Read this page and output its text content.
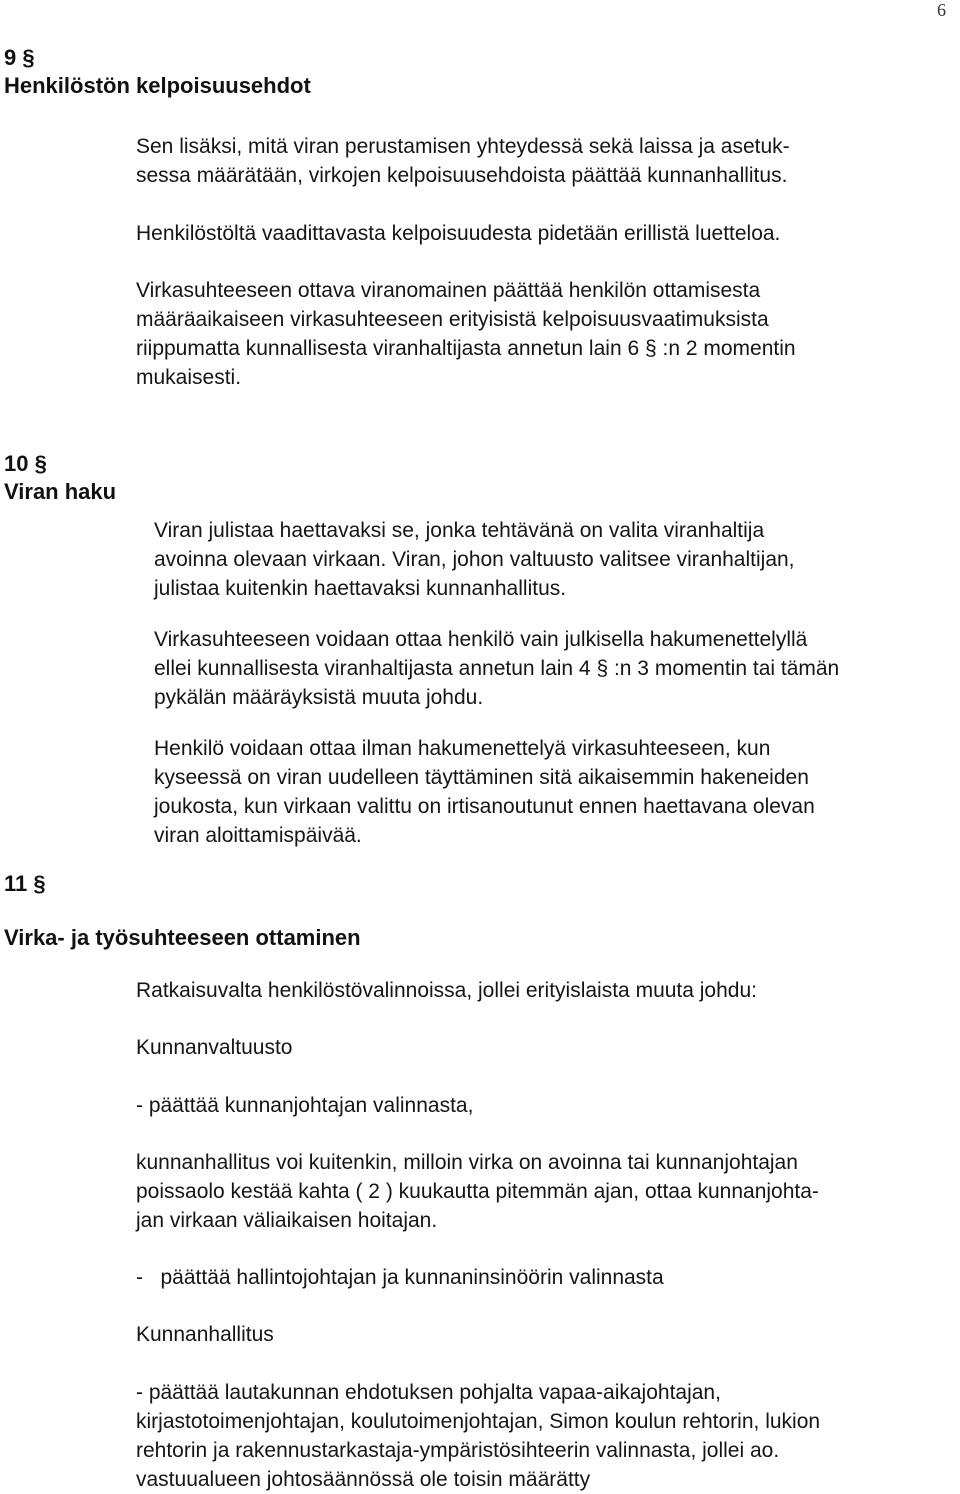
6
9 §
Henkilöstön kelpoisuusehdot
Sen lisäksi, mitä viran perustamisen yhteydessä sekä laissa ja asetuk-
sessa määrätään, virkojen kelpoisuusehdoista päättää kunnanhallitus.
Henkilöstöltä vaadittavasta kelpoisuudesta pidetään erillistä luetteloa.
Virkasuhteeseen ottava viranomainen päättää henkilön ottamisesta
määräaikaiseen virkasuhteeseen erityisistä kelpoisuusvaatimuksista
riippumatta kunnallisesta viranhaltijasta annetun lain 6 § :n 2 momentin
mukaisesti.
10 §
Viran haku
Viran julistaa haettavaksi se, jonka tehtävänä on valita viranhaltija
avoinna olevaan virkaan. Viran, johon valtuusto valitsee viranhaltijan,
julistaa kuitenkin haettavaksi kunnanhallitus.
Virkasuhteeseen voidaan ottaa henkilö vain julkisella hakumenettelyllä
ellei kunnallisesta viranhaltijasta annetun lain 4 § :n 3 momentin tai tämän
pykälän määräyksistä muuta johdu.
Henkilö voidaan ottaa ilman hakumenettelyä virkasuhteeseen, kun
kyseessä on viran uudelleen täyttäminen sitä aikaisemmin hakeneiden
joukosta, kun virkaan valittu on irtisanoutunut ennen haettavana olevan
viran aloittamispäivää.
11 §
Virka- ja työsuhteeseen ottaminen
Ratkaisuvalta henkilöstövalinnoissa, jollei erityislaista muuta johdu:
Kunnanvaltuusto
- päättää kunnanjohtajan valinnasta,
kunnanhallitus voi kuitenkin, milloin virka on avoinna tai kunnanjohtajan
poissaolo kestää kahta ( 2 ) kuukautta pitemmän ajan, ottaa kunnanjohta-
jan virkaan väliaikaisen hoitajan.
-   päättää hallintojohtajan ja kunnaninsinöörin valinnasta
Kunnanhallitus
- päättää lautakunnan ehdotuksen pohjalta vapaa-aikajohtajan,
kirjastotoimenjohtajan, koulutoimenjohtajan, Simon koulun rehtorin, lukion
rehtorin ja rakennustarkastaja-ympäristösihteerin valinnasta, jollei ao.
vastuualueen johtosäännössä ole toisin määrätty
